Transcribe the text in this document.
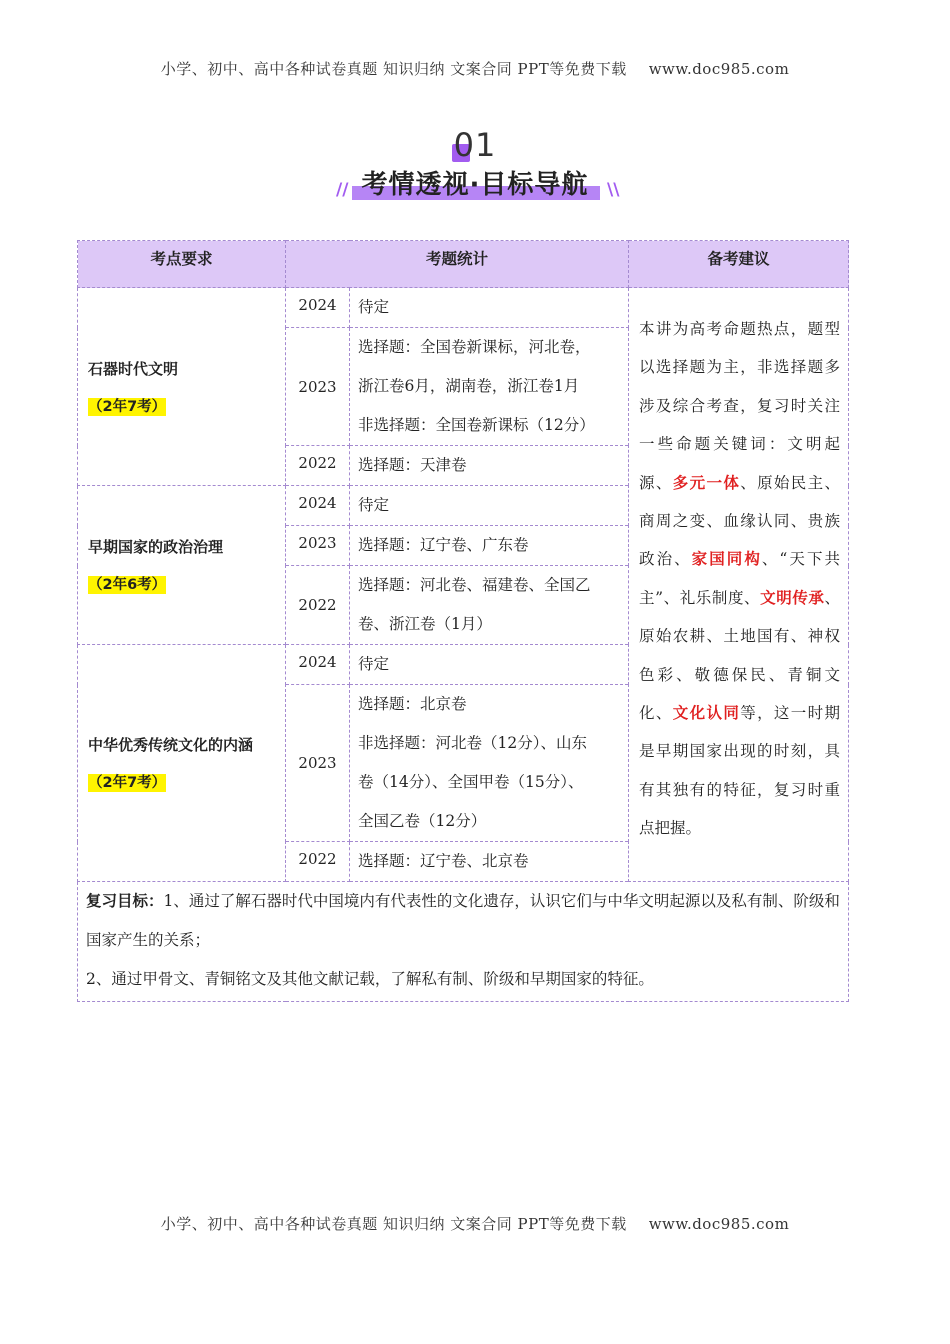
小学、初中、高中各种试卷真题 知识归纳 文案合同 PPT等免费下载 www.doc985.com
01
// 考情透视·目标导航	\\
考点要求	考题统计		备考建议

石器时代文明
（2年7考）	2024	待定	本讲为高考命题热点，题型以选择题为主，非选择题多涉及综合考查，复习时关注一些命题关键词：文明起源、多元一体、原始民主、商周之变、血缘认同、贵族政治、家国同构、“天下共主”、礼乐制度、文明传承、原始农耕、土地国有、神权色彩、敬德保民、青铜文化、文化认同等，这一时期是早期国家出现的时刻，具有其独有的特征，复习时重点把握。
	2023	选择题：全国卷新课标，河北卷，
浙江卷6月，湖南卷，浙江卷1月
非选择题：全国卷新课标（12分）	

	2022	选择题：天津卷	

早期国家的政治治理
（2年6考）	2024	待定	

	2023	选择题：辽宁卷、广东卷	

	2022	选择题：河北卷、福建卷、全国乙
卷、浙江卷（1月）	

中华优秀传统文化的内涵
（2年7考）	2024	待定	

	2023	选择题：北京卷
非选择题：河北卷（12分）、山东
卷（14分）、全国甲卷（15分）、
全国乙卷（12分）	

	2022	选择题：辽宁卷、北京卷	

复习目标：1、通过了解石器时代中国境内有代表性的文化遗存，认识它们与中华文明起源以及私有制、阶级和国家产生的关系；
2、通过甲骨文、青铜铭文及其他文献记载，了解私有制、阶级和早期国家的特征。			
小学、初中、高中各种试卷真题 知识归纳 文案合同 PPT等免费下载 www.doc985.com
